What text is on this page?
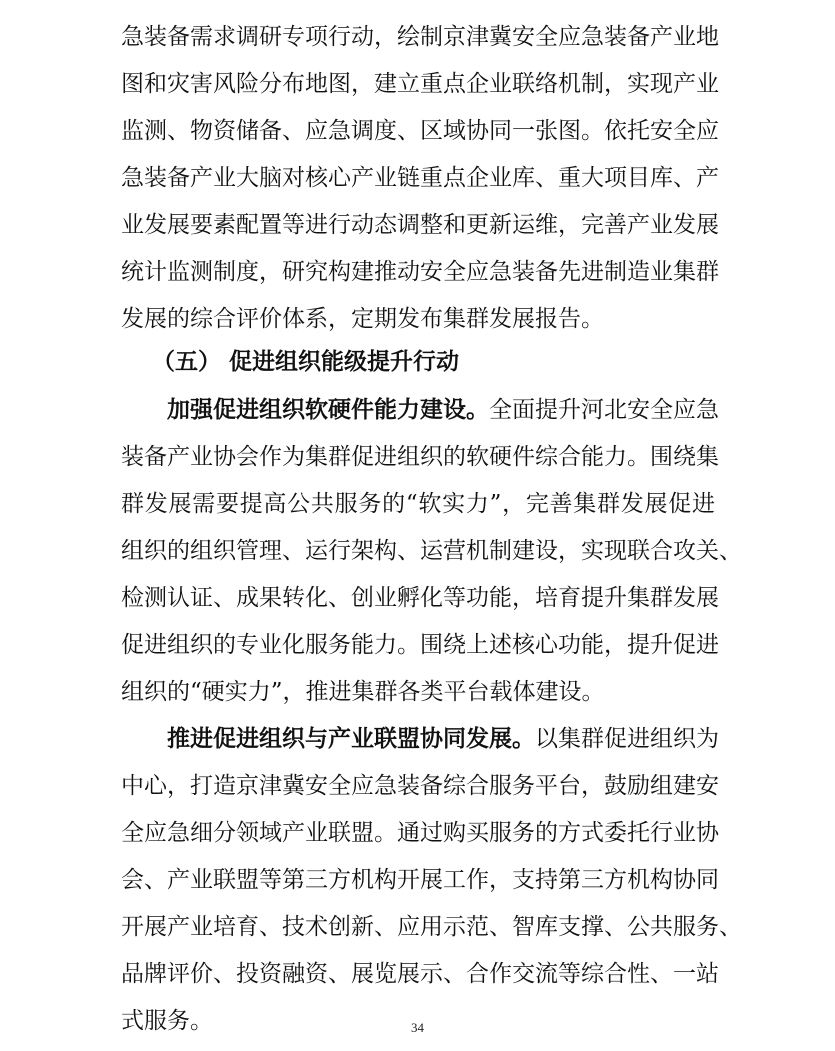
急装备需求调研专项行动，绘制京津冀安全应急装备产业地
图和灾害风险分布地图，建立重点企业联络机制，实现产业
监测、物资储备、应急调度、区域协同一张图。依托安全应
急装备产业大脑对核心产业链重点企业库、重大项目库、产
业发展要素配置等进行动态调整和更新运维，完善产业发展
统计监测制度，研究构建推动安全应急装备先进制造业集群
发展的综合评价体系，定期发布集群发展报告。
（五） 促进组织能级提升行动
加强促进组织软硬件能力建设。全面提升河北安全应急
装备产业协会作为集群促进组织的软硬件综合能力。围绕集
群发展需要提高公共服务的“软实力”，完善集群发展促进
组织的组织管理、运行架构、运营机制建设，实现联合攻关、
检测认证、成果转化、创业孵化等功能，培育提升集群发展
促进组织的专业化服务能力。围绕上述核心功能，提升促进
组织的“硬实力”，推进集群各类平台载体建设。
推进促进组织与产业联盟协同发展。以集群促进组织为
中心，打造京津冀安全应急装备综合服务平台，鼓励组建安
全应急细分领域产业联盟。通过购买服务的方式委托行业协
会、产业联盟等第三方机构开展工作，支持第三方机构协同
开展产业培育、技术创新、应用示范、智库支撑、公共服务、
品牌评价、投资融资、展览展示、合作交流等综合性、一站
式服务。	34
